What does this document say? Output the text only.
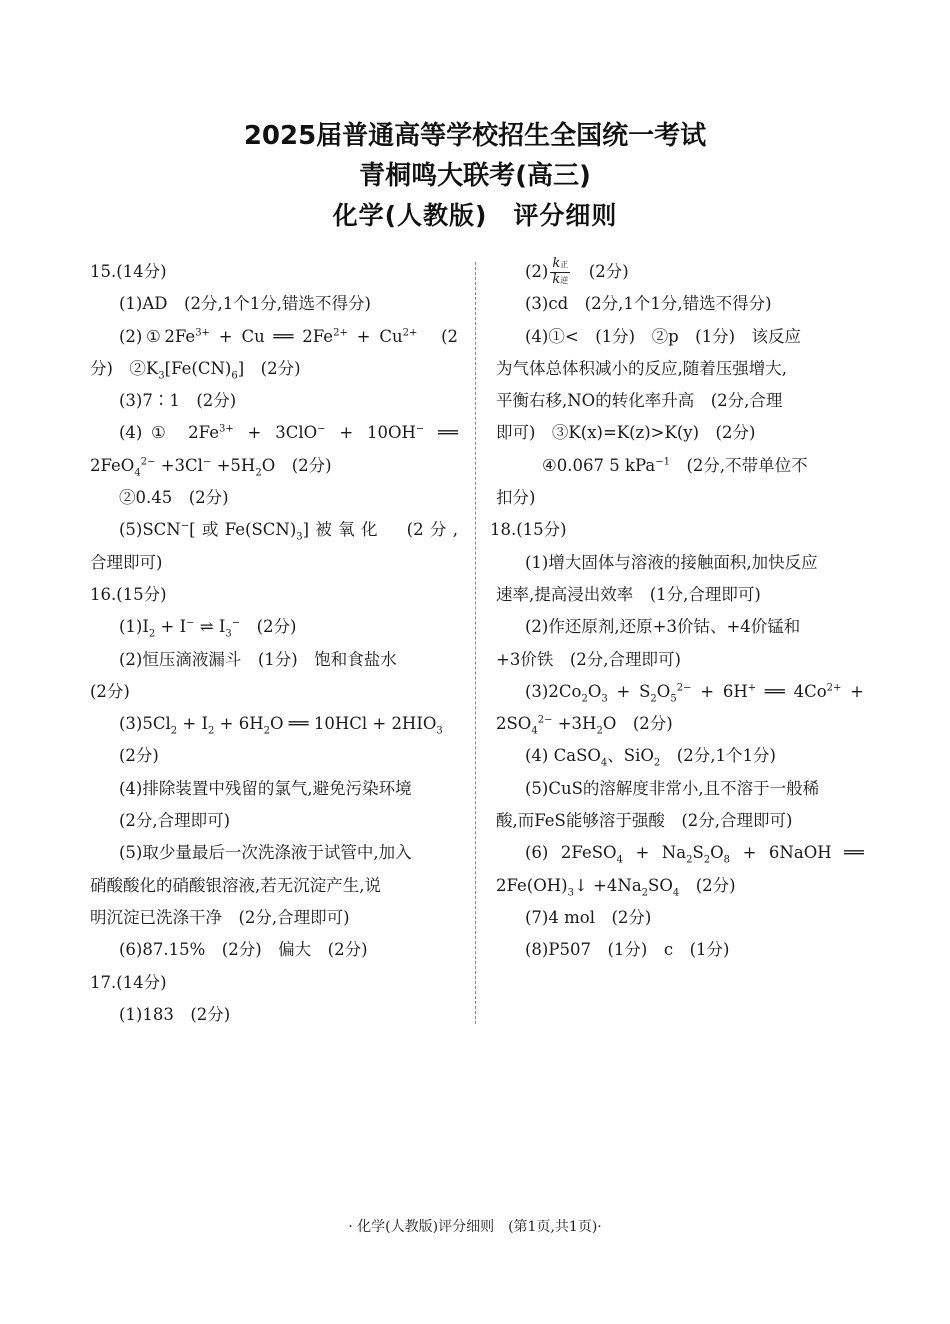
2025届普通高等学校招生全国统一考试
青桐鸣大联考(高三)
化学(人教版)　评分细则
15.(14分)
(1)AD　(2分,1个1分,错选不得分)
$(2)①2Fe^{3+} + Cu$ ══ $2Fe^{2+} + Cu^{2+}$　(2
分)　$②K_3[Fe(CN)_6]$　(2分)
(3)7∶1　(2分)
(4)① $2Fe^{3+} + 3ClO^- + 10OH^-$ ══
$2FeO_4^{2-} +3Cl^- +5H_2O$　(2分)
②0.45　(2分)
(5)SCN−[或$Fe(SCN)_3$]被氧化　(2分,
合理即可)
16.(15分)
$(1)I_2 + I^-$ ⇌ $I_3^-$　 (2分)
(2)恒压滴液漏斗　(1分)　饱和食盐水
(2分)
$(3)5Cl_2 + I_2 + 6H_2O$ ══ $10HCl + 2HIO_3$
(2分)
(4)排除装置中残留的氯气,避免污染环境
(2分,合理即可)
(5)取少量最后一次洗涤液于试管中,加入
硝酸酸化的硝酸银溶液,若无沉淀产生,说
明沉淀已洗涤干净　(2分,合理即可)
(6)87.15%　(2分)　偏大　(2分)
17.(14分)
(1)183　(2分)
$(2) \frac{\text{k正}}{\text{k逆}}$
　 (2分)
(3)cd　(2分,1个1分,错选不得分)
(4)①<　(1分)　②p　(1分)　该反应
为气体总体积减小的反应,随着压强增大,
平衡右移,NO的转化率升高　(2分,合理
即可)　③K(x)=K(z)>K(y)　(2分)
④0.067 5 kPa$^{-1}$　 (2分,不带单位不
扣分)
18.(15分)
(1)增大固体与溶液的接触面积,加快反应
速率,提高浸出效率　(1分,合理即可)
(2)作还原剂,还原+3价钴、+4价锰和
+3价铁　(2分,合理即可)
$(3)2Co_2O_3 + S_2O_5^{2-} + 6H^+$ ══ $4Co^{2+}$ +
$2SO_4^{2-} +3H_2O$　(2分)
(4) CaSO$_4$、SiO$_2$　 (2分,1个1分)
(5)CuS的溶解度非常小,且不溶于一般稀
酸,而FeS能够溶于强酸　(2分,合理即可)
(6) 2FeSO$_4$ + $Na_2S_2O_8$ + 6NaOH ══
$2Fe(OH)_3↓ +4Na_2SO_4$　 (2分)
(7)4 mol　(2分)
(8)P507　(1分)　c　(1分)
· 化学(人教版)评分细则　(第1页,共1页)·
